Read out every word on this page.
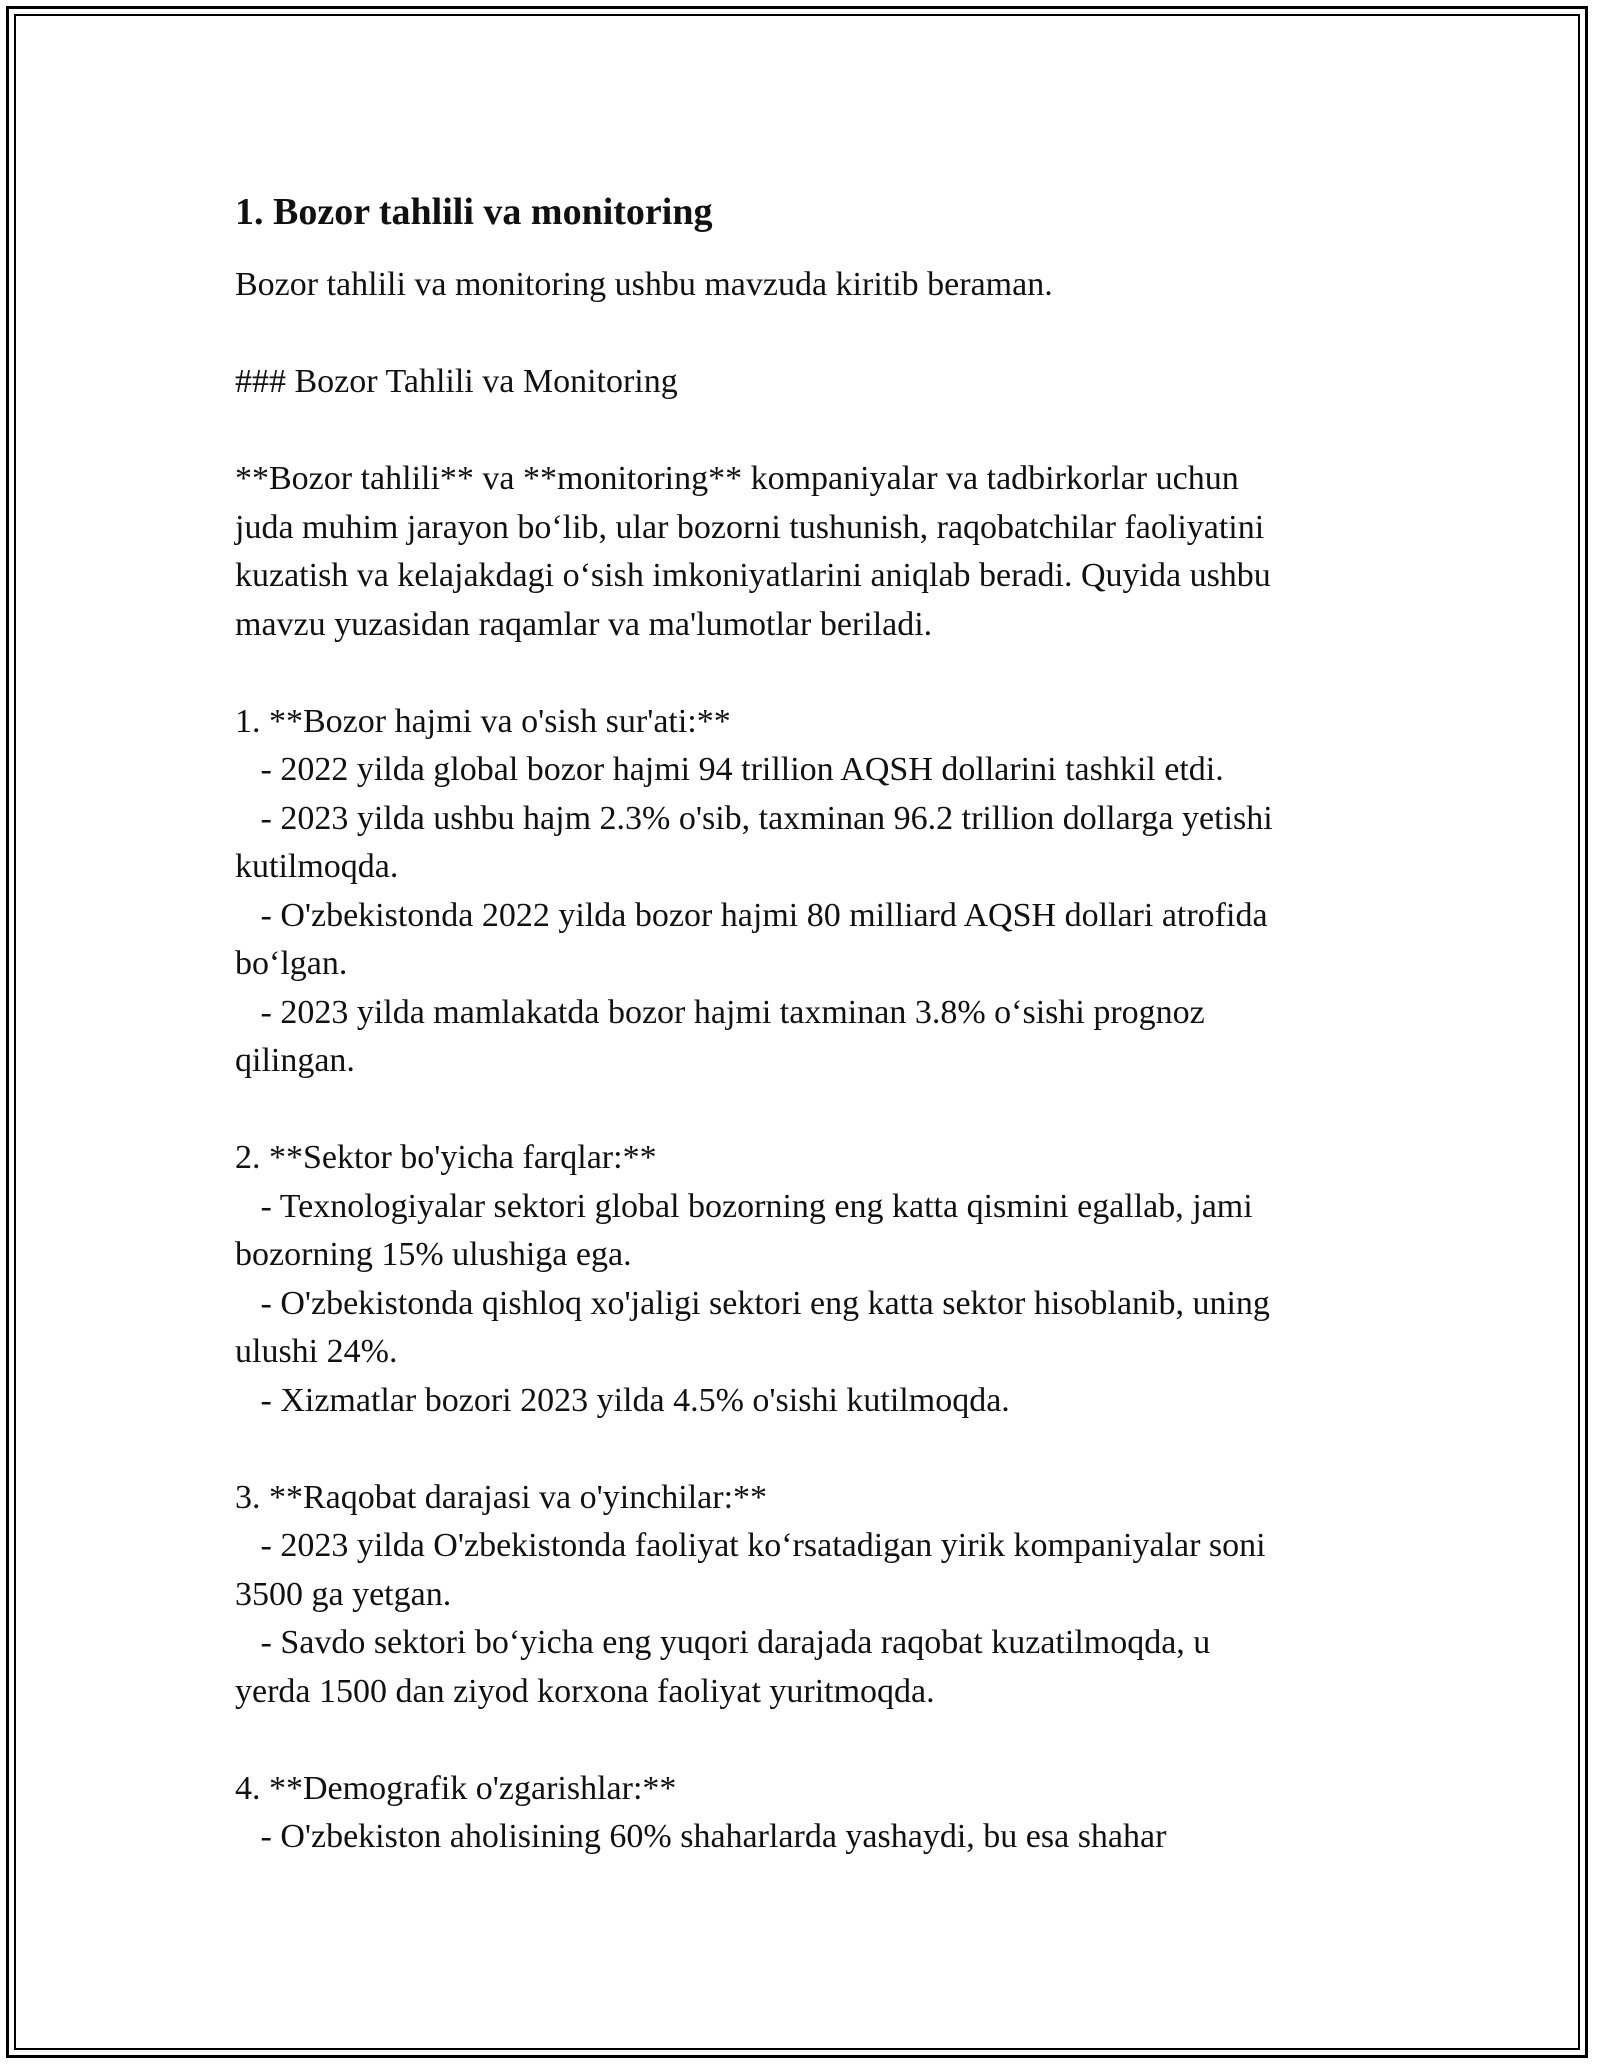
1. Bozor tahlili va monitoring
Bozor tahlili va monitoring ushbu mavzuda kiritib beraman.
### Bozor Tahlili va Monitoring
**Bozor tahlili** va **monitoring** kompaniyalar va tadbirkorlar uchun
juda muhim jarayon bo‘lib, ular bozorni tushunish, raqobatchilar faoliyatini
kuzatish va kelajakdagi o‘sish imkoniyatlarini aniqlab beradi. Quyida ushbu
mavzu yuzasidan raqamlar va ma'lumotlar beriladi.
1. **Bozor hajmi va o'sish sur'ati:**
- 2022 yilda global bozor hajmi 94 trillion AQSH dollarini tashkil etdi.
- 2023 yilda ushbu hajm 2.3% o'sib, taxminan 96.2 trillion dollarga yetishi
kutilmoqda.
- O'zbekistonda 2022 yilda bozor hajmi 80 milliard AQSH dollari atrofida
bo‘lgan.
- 2023 yilda mamlakatda bozor hajmi taxminan 3.8% o‘sishi prognoz
qilingan.
2. **Sektor bo'yicha farqlar:**
- Texnologiyalar sektori global bozorning eng katta qismini egallab, jami
bozorning 15% ulushiga ega.
- O'zbekistonda qishloq xo'jaligi sektori eng katta sektor hisoblanib, uning
ulushi 24%.
- Xizmatlar bozori 2023 yilda 4.5% o'sishi kutilmoqda.
3. **Raqobat darajasi va o'yinchilar:**
- 2023 yilda O'zbekistonda faoliyat ko‘rsatadigan yirik kompaniyalar soni
3500 ga yetgan.
- Savdo sektori bo‘yicha eng yuqori darajada raqobat kuzatilmoqda, u
yerda 1500 dan ziyod korxona faoliyat yuritmoqda.
4. **Demografik o'zgarishlar:**
- O'zbekiston aholisining 60% shaharlarda yashaydi, bu esa shahar
